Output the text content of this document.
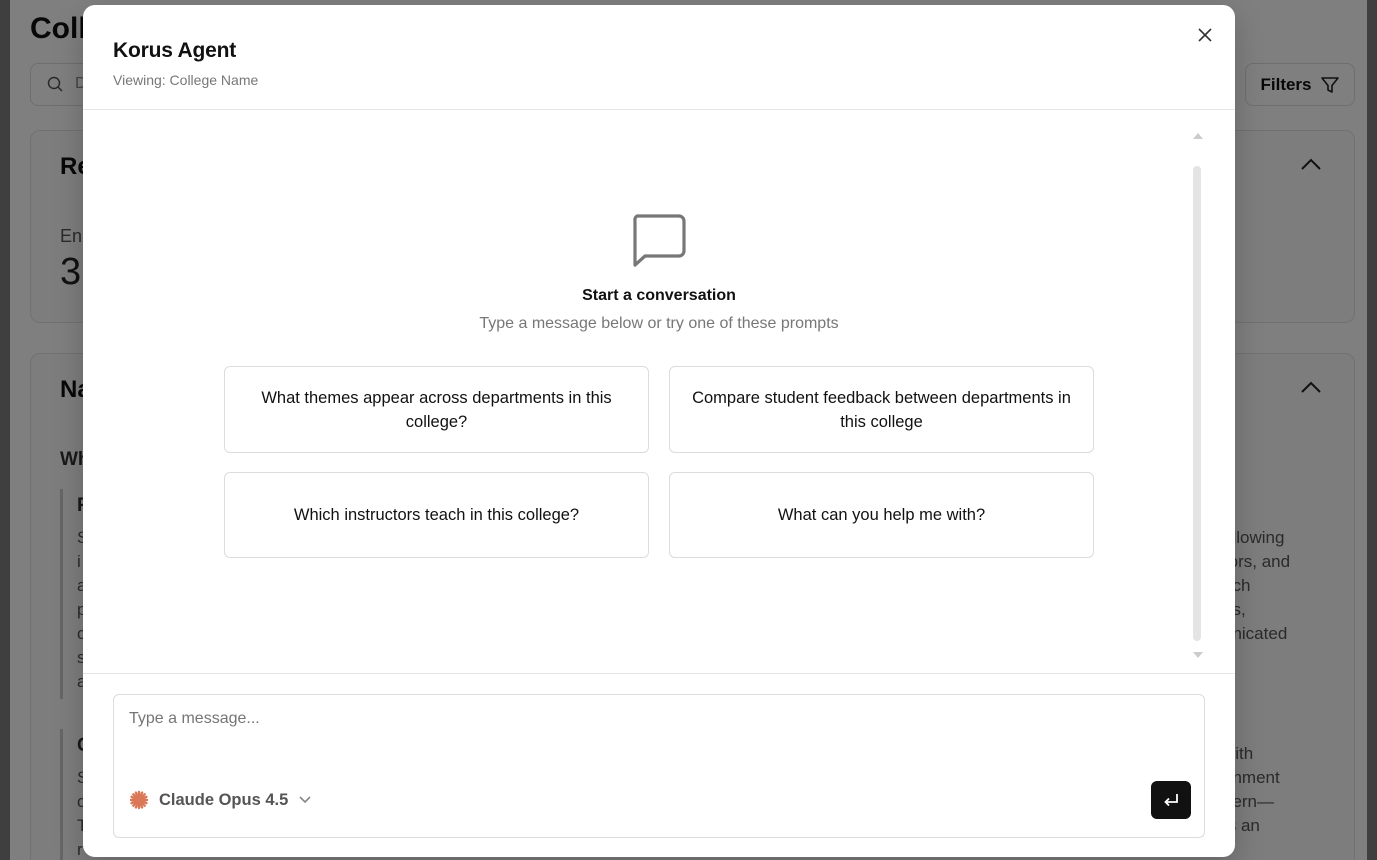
Korus Agent
Viewing: College Name
Start a conversation
Type a message below or try one of these prompts
What themes appear across departments in this college?
Compare student feedback between departments in this college
Which instructors teach in this college?	What can you help me with?
Type a message...
Claude Opus 4.5
